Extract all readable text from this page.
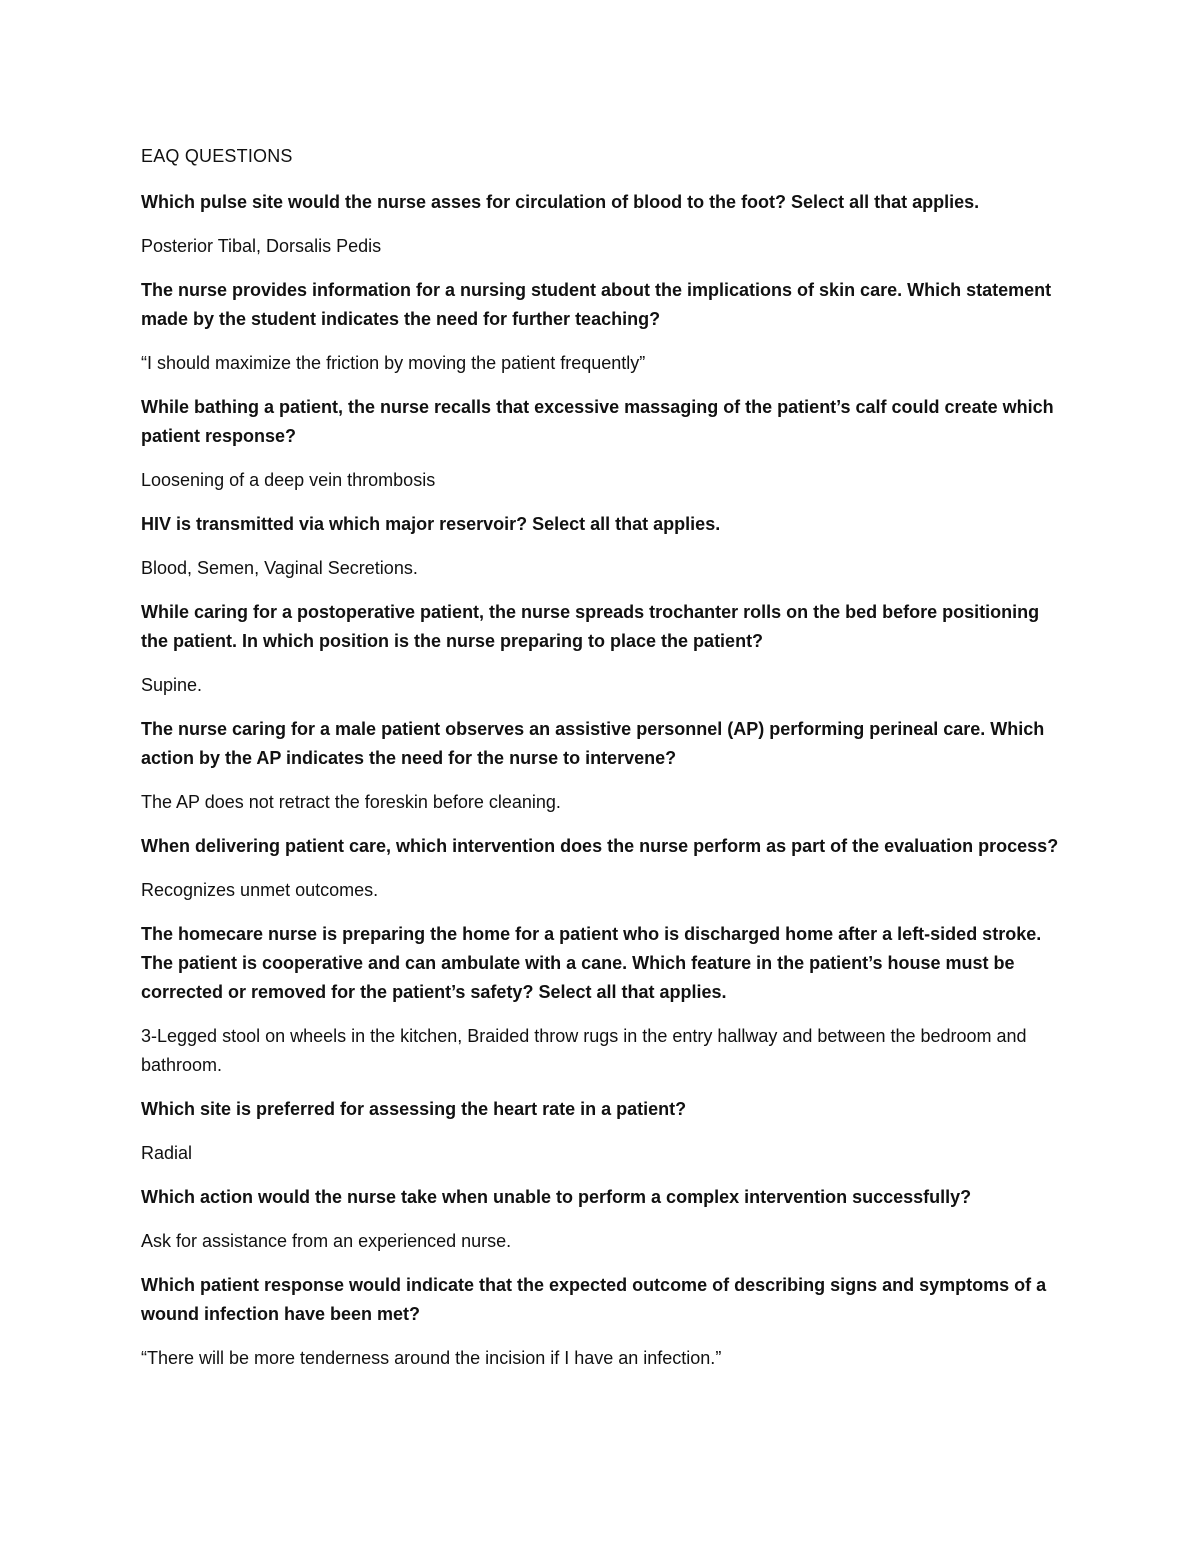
EAQ QUESTIONS

Which pulse site would the nurse asses for circulation of blood to the foot? Select all that applies.

Posterior Tibal, Dorsalis Pedis

The nurse provides information for a nursing student about the implications of skin care. Which statement made by the student indicates the need for further teaching?

“I should maximize the friction by moving the patient frequently”

While bathing a patient, the nurse recalls that excessive massaging of the patient’s calf could create which patient response?

Loosening of a deep vein thrombosis

HIV is transmitted via which major reservoir? Select all that applies.

Blood, Semen, Vaginal Secretions.

While caring for a postoperative patient, the nurse spreads trochanter rolls on the bed before positioning the patient. In which position is the nurse preparing to place the patient?

Supine.

The nurse caring for a male patient observes an assistive personnel (AP) performing perineal care. Which action by the AP indicates the need for the nurse to intervene?

The AP does not retract the foreskin before cleaning.

When delivering patient care, which intervention does the nurse perform as part of the evaluation process?

Recognizes unmet outcomes.

The homecare nurse is preparing the home for a patient who is discharged home after a left-sided stroke. The patient is cooperative and can ambulate with a cane. Which feature in the patient’s house must be corrected or removed for the patient’s safety? Select all that applies.

3-Legged stool on wheels in the kitchen, Braided throw rugs in the entry hallway and between the bedroom and bathroom.

Which site is preferred for assessing the heart rate in a patient?

Radial

Which action would the nurse take when unable to perform a complex intervention successfully?

Ask for assistance from an experienced nurse.

Which patient response would indicate that the expected outcome of describing signs and symptoms of a wound infection have been met?

“There will be more tenderness around the incision if I have an infection.”
